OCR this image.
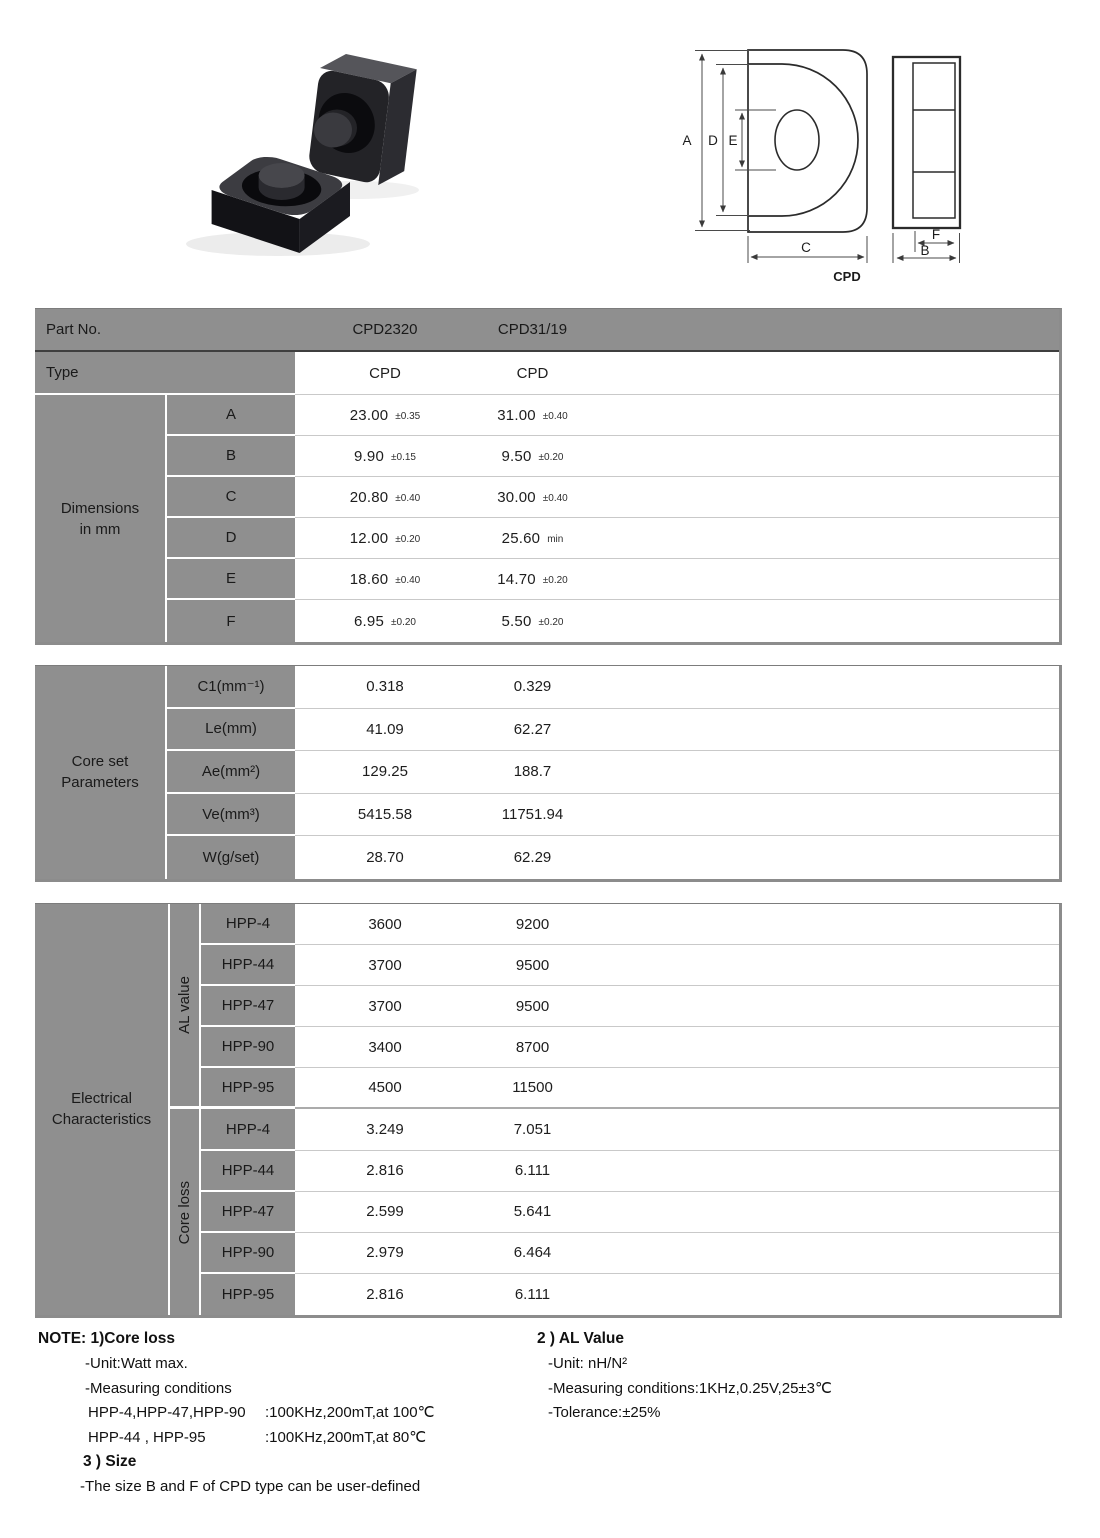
A D E
C
F
B
CPD
Part No.	CPD2320	CPD31/19
Type	CPD	CPD
Dimensions
in mm
A	23.00 ±0.35	31.00 ±0.40
B	9.90 ±0.15	9.50 ±0.20
C	20.80 ±0.40	30.00 ±0.40
D	12.00 ±0.20	25.60 min
E	18.60 ±0.40	14.70 ±0.20
F	6.95 ±0.20	5.50 ±0.20
Core set
Parameters
C1(mm⁻¹)	0.318	0.329
Le(mm)	41.09	62.27
Ae(mm²)	129.25	188.7
Ve(mm³)	5415.58	11751.94
W(g/set)	28.70	62.29
Electrical
Characteristics
AL value
HPP-4	3600	9200
HPP-44	3700	9500
HPP-47	3700	9500
HPP-90	3400	8700
HPP-95	4500	11500
Core loss
HPP-4	3.249	7.051
HPP-44	2.816	6.111
HPP-47	2.599	5.641
HPP-90	2.979	6.464
HPP-95	2.816	6.111
NOTE: 1)Core loss
-Unit:Watt max.
-Measuring conditions
HPP-4,HPP-47,HPP-90	:100KHz,200mT,at 100℃
HPP-44 , HPP-95	:100KHz,200mT,at 80℃
2 ) AL Value
-Unit: nH/N²
-Measuring conditions:1KHz,0.25V,25±3℃
-Tolerance:±25%
3 ) Size
-The size B and F of CPD type can be user-defined
